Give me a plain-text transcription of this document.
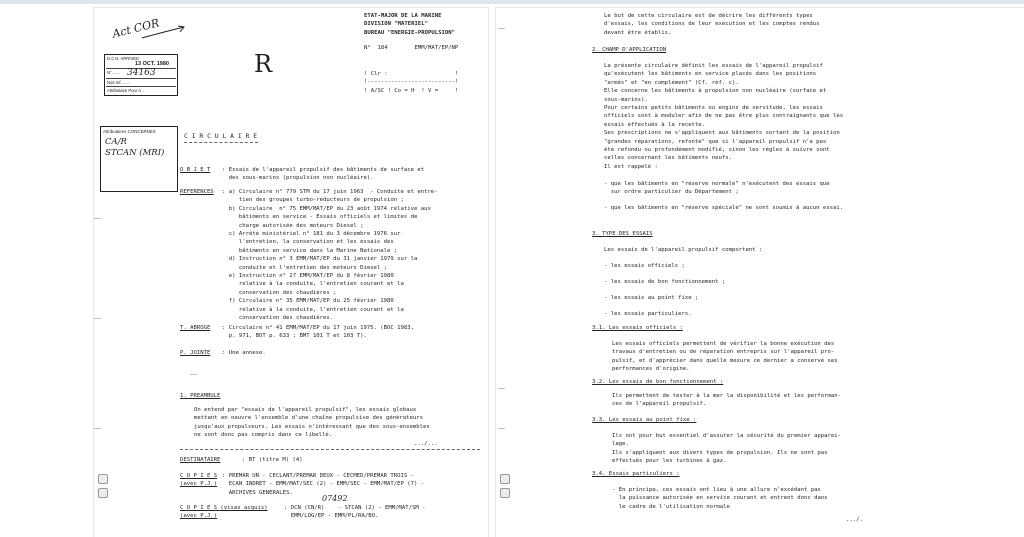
Act COR
R
D.C.N. ARRIVEE
13 OCT. 1980
N° ...... 34163
Nos ref. ......
Attributaire Pour A...
Attributaires CONCERNES
CA/R
STCAN (MRI)
ETAT-MAJOR DE LA MARINE
DIVISION "MATERIEL"
BUREAU "ENERGIE-PROPULSION"
N°  184        EMM/MAT/EP/NP
! Clr :                    !
!--------------------------!
! A/SC ! Co = H  ! V =     !
C I R C U L A I R E
O B J E T : Essais de l'appareil propulsif des bâtiments de surface et
des sous-marins (propulsion non nucléaire).
REFERENCES : a) Circulaire n° 779 STM du 17 juin 1963  - Conduite et entre-
tien des groupes turbo-réducteurs de propulsion ;
b) Circulaire  n° 75 EMM/MAT/EP du 23 août 1974 relative aux
bâtiments en service - Essais officiels et limites de
charge autorisée des moteurs Diesel ;
c) Arrêté ministériel n° 181 du 3 décembre 1976 sur
l'entretien, la conservation et les essais des
bâtiments en service dans la Marine Nationale ;
d) Instruction n° 3 EMM/MAT/EP du 31 janvier 1979 sur la
conduite et l'entretien des moteurs Diesel ;
e) Instruction n° 27 EMM/MAT/EP du 8 février 1980
relative à la conduite, l'entretien courant et la
conservation des chaudières ;
f) Circulaire n° 35 EMM/MAT/EP du 25 février 1980
relative à la conduite, l'entretien courant et la
conservation des chaudières.
T. ABROGE : Circulaire n° 41 EMM/MAT/EP du 17 juin 1975. (BOC 1983,
p. 971, BOT p. 633 ; BMT 101 T et 103 T).
P. JOINTE : Une annexe.
1. PREAMBULE
On entend par "essais de l'appareil propulsif", les essais globaux
mettant en oeuvre l'ensemble d'une chaîne propulsive des générateurs
jusqu'aux propulseurs. Les essais n'intéressant que des sous-ensembles
ne sont donc pas compris dans ce libellé.
.../...
DESTINATAIRE	: BT (titre M) (4)
C O P I E S
(avec P.J.)
: PREMAR UN - CECLANT/PREMAR DEUX - CECMED/PREMAR TROIS -
ECAN INDRET - EMM/MAT/SEC (2) - EMM/SEC - EMM/MAT/EP (7) -
ARCHIVES GENERALES.
07492
C O P I E S (visas acquis)
(avec P.J.)
: DCN (CN/R)    - STCAN (2) - EMM/MAT/SM -
EMM/LOG/EP - EMM/PL/RA/BO.
Le but de cette circulaire est de décrire les différents types
d'essais, les conditions de leur exécution et les comptes rendus
devant être établis.
2. CHAMP D'APPLICATION
La présente circulaire définit les essais de l'appareil propulsif
qu'exécutent les bâtiments en service placés dans les positions
"armés" et "en complément" (Cf. réf. c).
Elle concerne les bâtiments à propulsion non nucléaire (surface et
sous-marins).
Pour certains petits bâtiments ou engins de servitude, les essais
officiels sont à moduler afin de ne pas être plus contraignants que les
essais effectués à la recette.
Ses prescriptions ne s'appliquent aux bâtiments sortant de la position
"grandes réparations, refonte" que si l'appareil propulsif n'a pas
été refondu ou profondément modifié, sinon les règles à suivre sont
celles concernant les bâtiments neufs.
Il est rappelé :
- que les bâtiments en "réserve normale" n'exécutent des essais que
sur ordre particulier du Département ;
- que les bâtiments en "réserve spéciale" ne sont soumis à aucun essai.
3. TYPE DES ESSAIS
Les essais de l'appareil propulsif comportent :
- les essais officiels ;
- les essais de bon fonctionnement ;
- les essais au point fixe ;
- les essais particuliers.
3.1. Les essais officiels :
Les essais officiels permettent de vérifier la bonne exécution des
travaux d'entretien ou de réparation entrepris sur l'appareil pro-
pulsif, et d'apprécier dans quelle mesure ce dernier a conservé ses
performances d'origine.
3.2. Les essais de bon fonctionnement :
Ils permettent de tester à la mer la disponibilité et les performan-
ces de l'appareil propulsif.
3.3. Les essais au point fixe :
Ils ont pour but essentiel d'assurer la sécurité du premier apparei-
lage.
Ils s'appliquent aux divers types de propulsion. Ils ne sont pas
effectués pour les turbines à gaz.
3.4. Essais particuliers :
- En principe, ces essais ont lieu à une allure n'excédant pas
la puissance autorisée en service courant et entrent donc dans
le cadre de l'utilisation normale
.../.
